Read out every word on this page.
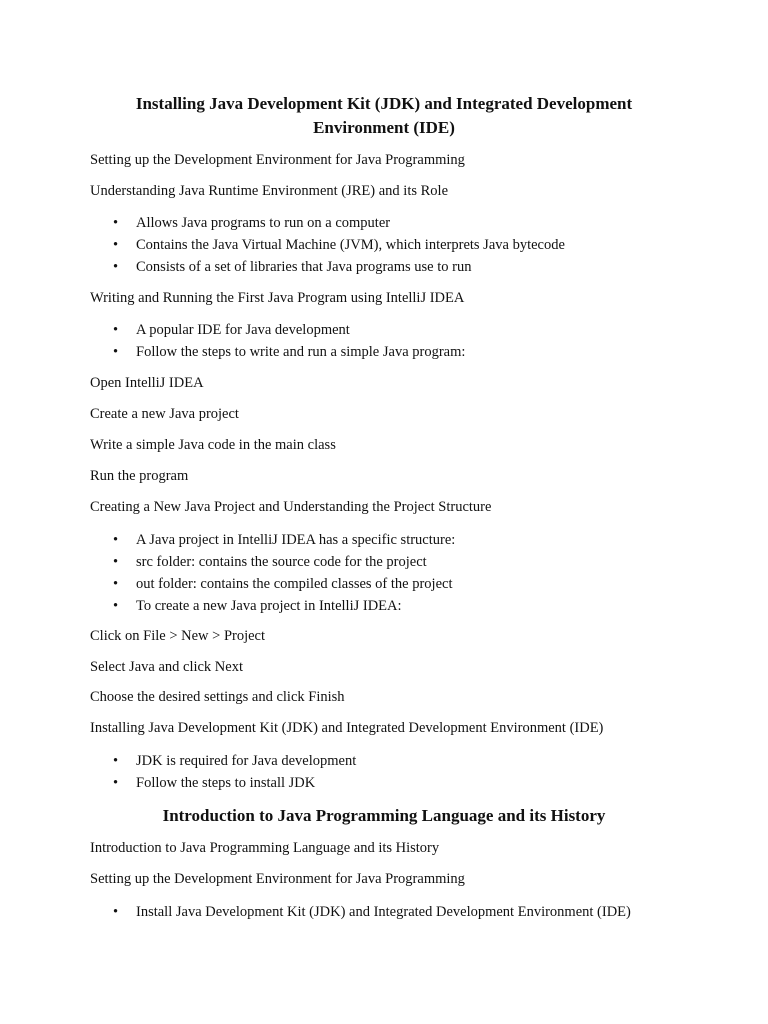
Installing Java Development Kit (JDK) and Integrated Development Environment (IDE)

Setting up the Development Environment for Java Programming

Understanding Java Runtime Environment (JRE) and its Role

• Allows Java programs to run on a computer
• Contains the Java Virtual Machine (JVM), which interprets Java bytecode
• Consists of a set of libraries that Java programs use to run

Writing and Running the First Java Program using IntelliJ IDEA

• A popular IDE for Java development
• Follow the steps to write and run a simple Java program:

Open IntelliJ IDEA

Create a new Java project

Write a simple Java code in the main class

Run the program

Creating a New Java Project and Understanding the Project Structure

• A Java project in IntelliJ IDEA has a specific structure:
• src folder: contains the source code for the project
• out folder: contains the compiled classes of the project
• To create a new Java project in IntelliJ IDEA:

Click on File > New > Project

Select Java and click Next

Choose the desired settings and click Finish

Installing Java Development Kit (JDK) and Integrated Development Environment (IDE)

• JDK is required for Java development
• Follow the steps to install JDK
Introduction to Java Programming Language and its History

Introduction to Java Programming Language and its History

Setting up the Development Environment for Java Programming

• Install Java Development Kit (JDK) and Integrated Development Environment (IDE)
